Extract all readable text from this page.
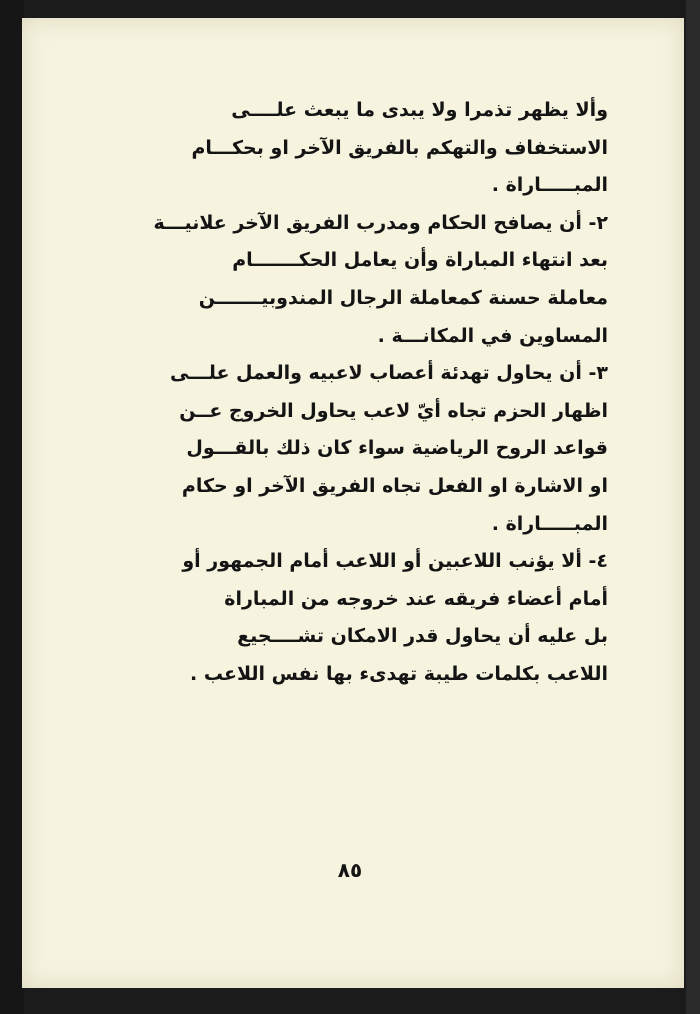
وألا يظهر تذمرا ولا يبدى ما يبعث علــــى
الاستخفاف والتهكم بالفريق الآخر او بحكـــام
المبـــــاراة .
٢- أن يصافح الحكام ومدرب الفريق الآخر علانيـــة
بعد انتهاء المباراة وأن يعامل الحكـــــــام
معاملة حسنة كمعاملة الرجال المندوبيـــــــن
المساوين في المكانـــة .
٣- أن يحاول تهدئة أعصاب لاعبيه والعمل علـــى
اظهار الحزم تجاه أيّ لاعب يحاول الخروج عــن
قواعد الروح الرياضية سواء كان ذلك بالقـــول
او الاشارة او الفعل تجاه الفريق الآخر او حكام
المبـــــاراة .
٤- ألا يؤنب اللاعبين أو اللاعب أمام الجمهور أو
أمام أعضاء فريقه عند خروجه من المباراة
بل عليه أن يحاول قدر الامكان تشــــجيع
اللاعب بكلمات طيبة تهدىء بها نفس اللاعب .
٨٥
